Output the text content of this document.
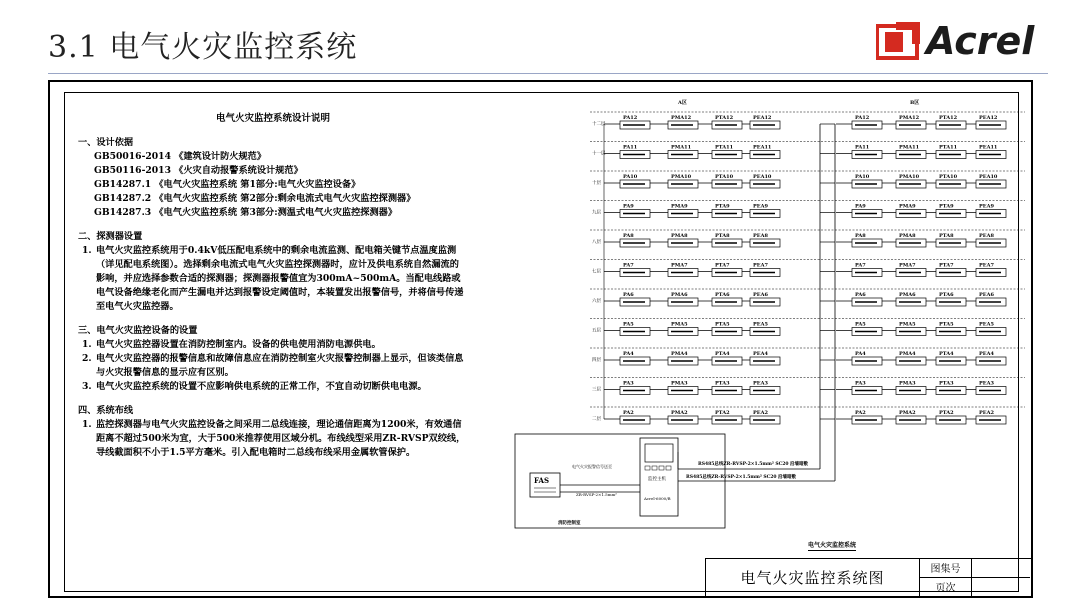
3.1 电气火灾监控系统	Acrel
电气火灾监控系统设计说明
一、设计依据
GB50016-2014 《建筑设计防火规范》
GB50116-2013 《火灾自动报警系统设计规范》
GB14287.1 《电气火灾监控系统 第1部分:电气火灾监控设备》
GB14287.2 《电气火灾监控系统 第2部分:剩余电流式电气火灾监控探测器》
GB14287.3 《电气火灾监控系统 第3部分:测温式电气火灾监控探测器》
二、探测器设置
1. 电气火灾监控系统用于0.4kV低压配电系统中的剩余电流监测、配电箱关键节点温度监测（详见配电系统图）。选择剩余电流式电气火灾监控探测器时，应计及供电系统自然漏流的影响，并应选择参数合适的探测器；探测器报警值宜为300mA~500mA。当配电线路或电气设备绝缘老化而产生漏电并达到报警设定阈值时，本装置发出报警信号，并将信号传递至电气火灾监控器。
三、电气火灾监控设备的设置
1. 电气火灾监控器设置在消防控制室内。设备的供电使用消防电源供电。
2. 电气火灾监控器的报警信息和故障信息应在消防控制室火灾报警控制器上显示，但该类信息与火灾报警信息的显示应有区别。
3. 电气火灾监控系统的设置不应影响供电系统的正常工作，不宜自动切断供电电源。
四、系统布线
1. 监控探测器与电气火灾监控设备之间采用二总线连接，理论通信距离为1200米，有效通信距离不超过500米为宜，大于500米推荐使用区域分机。布线线型采用ZR-RVSP双绞线，导线截面积不小于1.5平方毫米。引入配电箱时二总线布线采用金属软管保护。
A区	B区
十二层
PA12	PMA12	PTA12	PEA12	PA12	PMA12	PTA12	PEA12
十一层
PA11	PMA11	PTA11	PEA11	PA11	PMA11	PTA11	PEA11
十层
PA10	PMA10	PTA10	PEA10	PA10	PMA10	PTA10	PEA10
九层
PA9	PMA9	PTA9	PEA9	PA9	PMA9	PTA9	PEA9
八层
PA8	PMA8	PTA8	PEA8	PA8	PMA8	PTA8	PEA8
七层
PA7	PMA7	PTA7	PEA7	PA7	PMA7	PTA7	PEA7
六层
PA6	PMA6	PTA6	PEA6	PA6	PMA6	PTA6	PEA6
五层
PA5	PMA5	PTA5	PEA5	PA5	PMA5	PTA5	PEA5
四层
PA4	PMA4	PTA4	PEA4	PA4	PMA4	PTA4	PEA4
三层
PA3	PMA3	PTA3	PEA3	PA3	PMA3	PTA3	PEA3
二层
PA2	PMA2	PTA2	PEA2	PA2	PMA2	PTA2	PEA2
RS485总线ZR-RVSP-2×1.5mm² SC20 沿墙暗敷
RS485总线ZR-RVSP-2×1.5mm² SC20 沿墙暗敷
FAS	监控主机
Acrel-6000/B
电气火灾报警信号送至
ZR-RVSP-2×1.5mm²
消防控制室
电气火灾监控系统
电气火灾监控系统图	图集号
页次
